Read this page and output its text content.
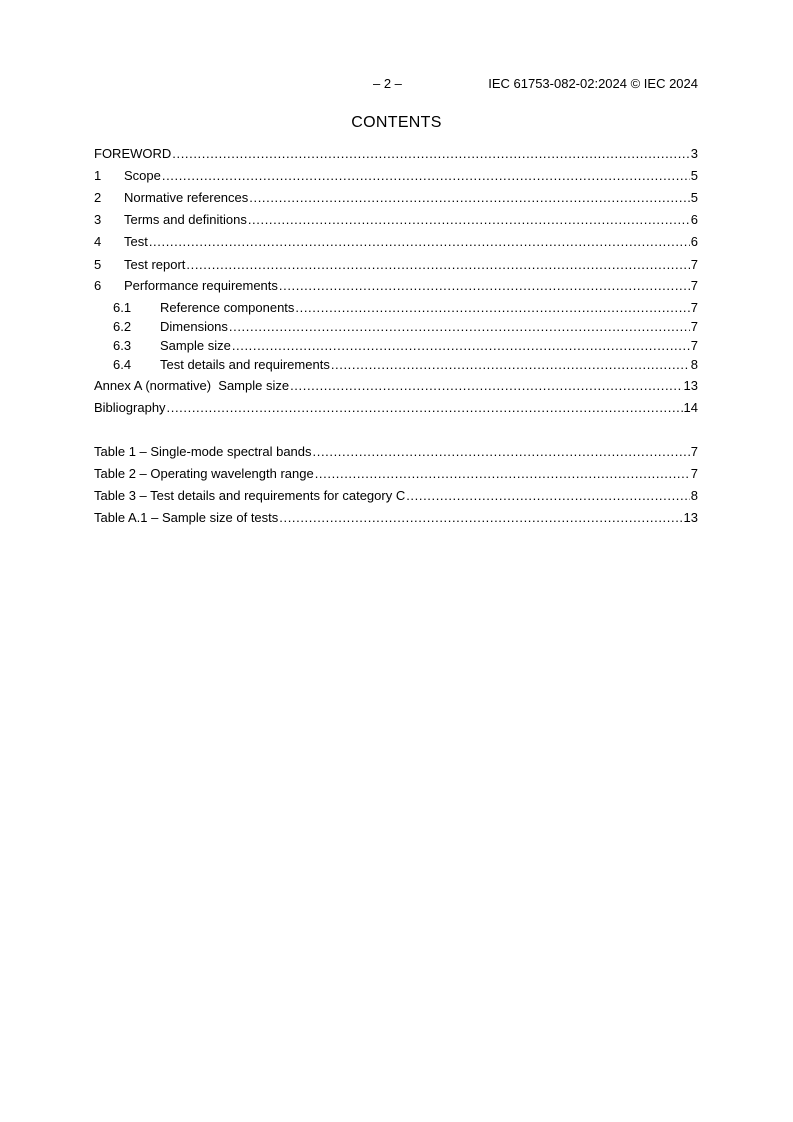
– 2 –	IEC 61753-082-02:2024 © IEC 2024
CONTENTS
FOREWORD .....	3
1	Scope .....	5
2	Normative references .....	5
3	Terms and definitions .....	6
4	Test .....	6
5	Test report .....	7
6	Performance requirements .....	7
6.1	Reference components .....	7
6.2	Dimensions .....	7
6.3	Sample size .....	7
6.4	Test details and requirements .....	8
Annex A (normative)  Sample size .....	13
Bibliography .....	14
Table 1 – Single-mode spectral bands .....	7
Table 2 – Operating wavelength range .....	7
Table 3 – Test details and requirements for category C .....	8
Table A.1 – Sample size of tests .....	13
